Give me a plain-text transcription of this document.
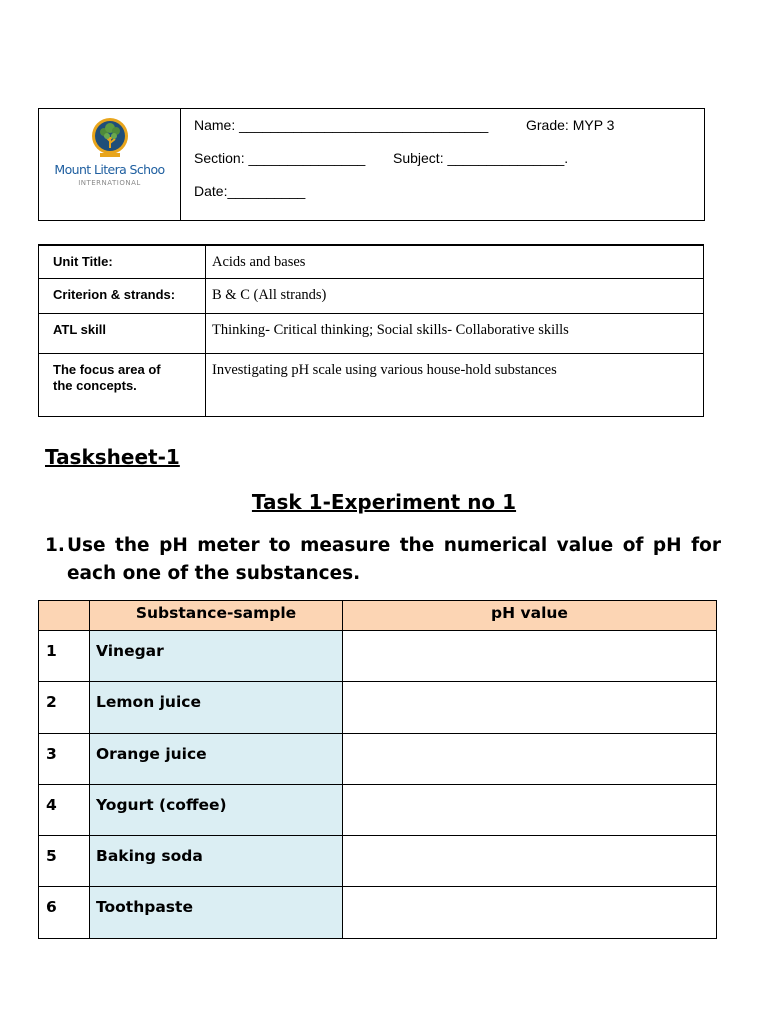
Mount Litera Schoo
INTERNATIONAL
Name: ________________________________	Grade: MYP 3
Section: _______________ Subject: _______________.
Date:__________
Unit Title:	Acids and bases
Criterion & strands:	B & C (All strands)
ATL skill	Thinking- Critical thinking; Social skills- Collaborative skills
The focus area of the concepts.	Investigating pH scale using various house-hold substances
Tasksheet-1
Task 1-Experiment no 1
1. Use the pH meter to measure the numerical value of pH for each one of the substances.
	Substance-sample	pH value
1	Vinegar	
2	Lemon juice	
3	Orange juice	
4	Yogurt (coffee)	
5	Baking soda	
6	Toothpaste	
